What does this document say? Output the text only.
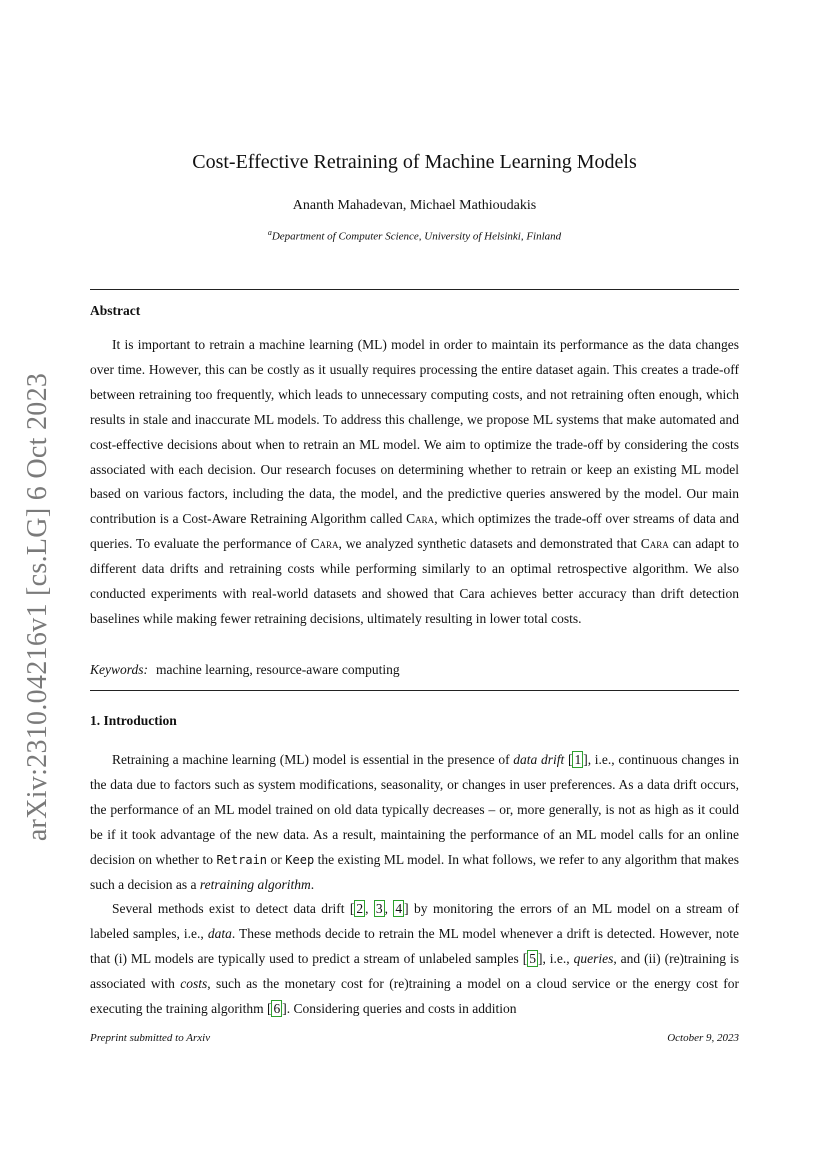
arXiv:2310.04216v1 [cs.LG] 6 Oct 2023
Cost-Effective Retraining of Machine Learning Models
Ananth Mahadevan, Michael Mathioudakis
$^a$Department of Computer Science, University of Helsinki, Finland
Abstract

It is important to retrain a machine learning (ML) model in order to maintain its performance as the data changes over time. However, this can be costly as it usually requires processing the entire dataset again. This creates a trade-off between retraining too frequently, which leads to unnecessary computing costs, and not retraining often enough, which results in stale and inaccurate ML models. To address this challenge, we propose ML systems that make automated and cost-effective decisions about when to retrain an ML model. We aim to optimize the trade-off by considering the costs associated with each decision. Our research focuses on determining whether to retrain or keep an existing ML model based on various factors, including the data, the model, and the predictive queries answered by the model. Our main contribution is a Cost-Aware Retraining Algorithm called Cara, which optimizes the trade-off over streams of data and queries. To evaluate the performance of Cara, we analyzed synthetic datasets and demonstrated that Cara can adapt to different data drifts and retraining costs while performing similarly to an optimal retrospective algorithm. We also conducted experiments with real-world datasets and showed that Cara achieves better accuracy than drift detection baselines while making fewer retraining decisions, ultimately resulting in lower total costs.

Keywords: machine learning, resource-aware computing
1. Introduction

Retraining a machine learning (ML) model is essential in the presence of data drift [ 1 ], i.e., continuous changes in the data due to factors such as system modifications, seasonality, or changes in user preferences. As a data drift occurs, the performance of an ML model trained on old data typically decreases – or, more generally, is not as high as it could be if it took advantage of the new data. As a result, maintaining the performance of an ML model calls for an online decision on whether to Retrain or Keep the existing ML model. In what follows, we refer to any algorithm that makes such a decision as a retraining algorithm.

Several methods exist to detect data drift [ 2 , 3 , 4 ] by monitoring the errors of an ML model on a stream of labeled samples, i.e., data. These methods decide to retrain the ML model whenever a drift is detected. However, note that (i) ML models are typically used to predict a stream of unlabeled samples [ 5 ], i.e., queries, and (ii) (re)training is associated with costs, such as the monetary cost for (re)training a model on a cloud service or the energy cost for executing the training algorithm [ 6 ]. Considering queries and costs in addition

Preprint submitted to Arxiv	October 9, 2023
